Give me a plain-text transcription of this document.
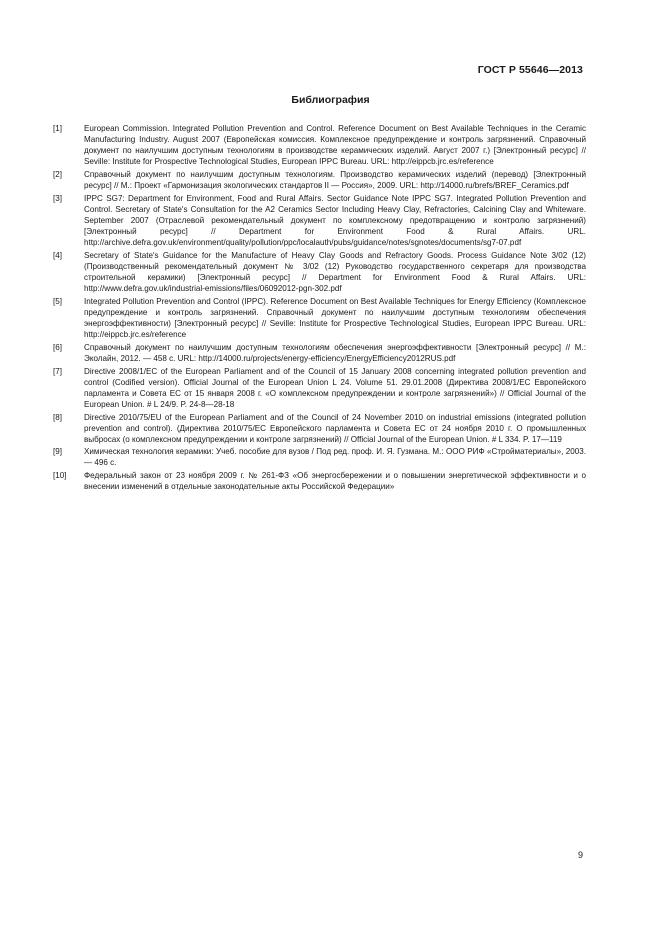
ГОСТ Р 55646—2013
Библиография
[1]	European Commission. Integrated Pollution Prevention and Control. Reference Document on Best Available Techniques in the Ceramic Manufacturing Industry. August 2007 (Европейская комиссия. Комплексное предупреждение и контроль загрязнений. Справочный документ по наилучшим доступным технологиям в производстве керамических изделий. Август 2007 г.) [Электронный ресурс] // Seville: Institute for Prospective Technological Studies, European IPPC Bureau. URL: http://eippcb.jrc.es/reference
[2]	Справочный документ по наилучшим доступным технологиям. Производство керамических изделий (перевод) [Электронный ресурс] // М.: Проект «Гармонизация экологических стандартов II — Россия», 2009. URL: http://14000.ru/brefs/BREF_Ceramics.pdf
[3]	IPPC SG7: Department for Environment, Food and Rural Affairs. Sector Guidance Note IPPC SG7. Integrated Pollution Prevention and Control. Secretary of State's Consultation for the A2 Ceramics Sector Including Heavy Clay, Refractories, Calcining Clay and Whiteware. September 2007 (Отраслевой рекомендательный документ по комплексному предотвращению и контролю загрязнений) [Электронный ресурс] // Department for Environment Food & Rural Affairs. URL. http://archive.defra.gov.uk/environment/quality/pollution/ppc/localauth/pubs/guidance/notes/sgnotes/documents/sg7-07.pdf
[4]	Secretary of State's Guidance for the Manufacture of Heavy Clay Goods and Refractory Goods. Process Guidance Note 3/02 (12) (Производственный рекомендательный документ № 3/02 (12) Руководство государственного секретаря для производства строительной керамики) [Электронный ресурс] // Department for Environment Food & Rural Affairs. URL: http://www.defra.gov.uk/industrial-emissions/files/06092012-pgn-302.pdf
[5]	Integrated Pollution Prevention and Control (IPPC). Reference Document on Best Available Techniques for Energy Efficiency (Комплексное предупреждение и контроль загрязнений. Справочный документ по наилучшим доступным технологиям обеспечения энергоэффективности) [Электронный ресурс] // Seville: Institute for Prospective Technological Studies, European IPPC Bureau. URL: http://eippcb.jrc.es/reference
[6]	Справочный документ по наилучшим доступным технологиям обеспечения энергоэффективности [Электронный ресурс] // М.: Эколайн, 2012. — 458 с. URL: http://14000.ru/projects/energy-efficiency/EnergyEfficiency2012RUS.pdf
[7]	Directive 2008/1/EC of the European Parliament and of the Council of 15 January 2008 concerning integrated pollution prevention and control (Codified version). Official Journal of the European Union L 24. Volume 51. 29.01.2008 (Директива 2008/1/ЕС Европейского парламента и Совета ЕС от 15 января 2008 г. «О комплексном предупреждении и контроле загрязнений») // Official Journal of the European Union. # L 24/9. P. 24-8—28-18
[8]	Directive 2010/75/EU of the European Parliament and of the Council of 24 November 2010 on industrial emissions (integrated pollution prevention and control). (Директива 2010/75/ЕС Европейского парламента и Совета ЕС от 24 ноября 2010 г. О промышленных выбросах (о комплексном предупреждении и контроле загрязнений) // Official Journal of the European Union. # L 334. P. 17—119
[9]	Химическая технология керамики: Учеб. пособие для вузов / Под ред. проф. И. Я. Гузмана. М.: ООО РИФ «Стройматериалы», 2003. — 496 с.
[10]	Федеральный закон от 23 ноября 2009 г. № 261-ФЗ «Об энергосбережении и о повышении энергетической эффективности и о внесении изменений в отдельные законодательные акты Российской Федерации»
9
